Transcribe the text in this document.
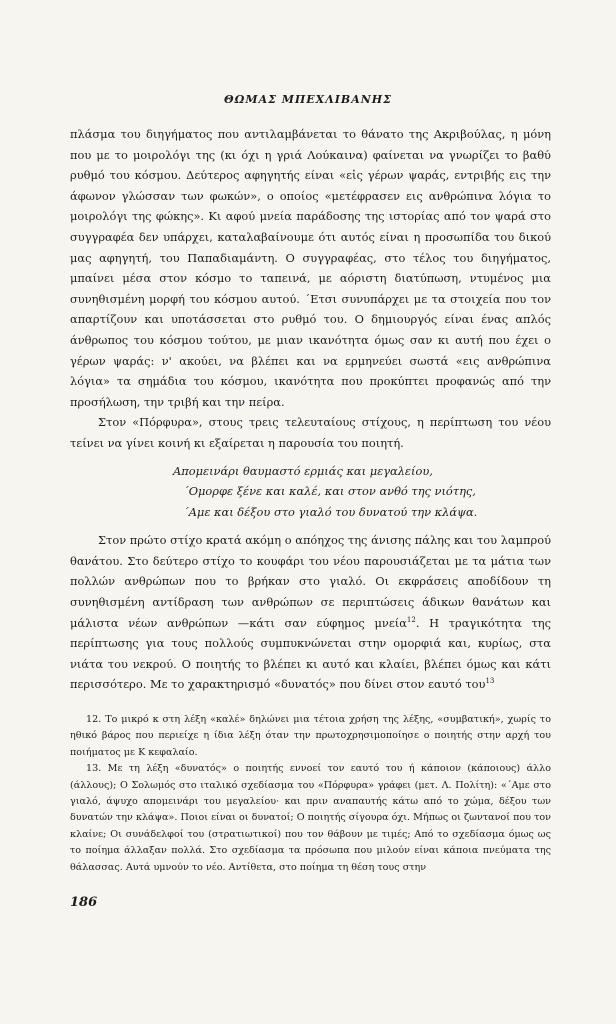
ΘΩΜΑΣ ΜΠΕΧΛΙΒΑΝΗΣ

πλάσμα του διηγήματος που αντιλαμβάνεται το θάνατο της Ακριβούλας, η μόνη που με το μοιρολόγι της (κι όχι η γριά Λούκαινα) φαίνεται να γνωρίζει το βαθύ ρυθμό του κόσμου. Δεύτερος αφηγητής είναι «εἰς γέρων ψαράς, εντριβής εις την άφωνον γλώσσαν των φωκών», ο οποίος «μετέφρασεν εις ανθρώπινα λόγια το μοιρολόγι της φώκης». Κι αφού μνεία παράδοσης της ιστορίας από τον ψαρά στο συγγραφέα δεν υπάρχει, καταλαβαίνουμε ότι αυτός είναι η προσωπίδα του δικού μας αφηγητή, του Παπαδιαμάντη. Ο συγγραφέας, στο τέλος του διηγήματος, μπαίνει μέσα στον κόσμο το ταπεινά, με αόριστη διατύπωση, ντυμένος μια συνηθισμένη μορφή του κόσμου αυτού. ´Ετσι συνυπάρχει με τα στοιχεία που τον απαρτίζουν και υποτάσσεται στο ρυθμό του. Ο δημιουργός είναι ένας απλός άνθρωπος του κόσμου τούτου, με μιαν ικανότητα όμως σαν κι αυτή που έχει ο γέρων ψαράς: ν' ακούει, να βλέπει και να ερμηνεύει σωστά «εις ανθρώπινα λόγια» τα σημάδια του κόσμου, ικανότητα που προκύπτει προφανώς από την προσήλωση, την τριβή και την πείρα.

Στον «Πόρφυρα», στους τρεις τελευταίους στίχους, η περίπτωση του νέου τείνει να γίνει κοινή κι εξαίρεται η παρουσία του ποιητή.

Απομεινάρι θαυμαστό ερμιάς και μεγαλείου,
´Ομορφε ξένε και καλέ, και στον ανθό της νιότης,
´Αμε και δέξου στο γιαλό του δυνατού την κλάψα.

Στον πρώτο στίχο κρατά ακόμη ο απόηχος της άνισης πάλης και του λαμπρού θανάτου. Στο δεύτερο στίχο το κουφάρι του νέου παρουσιάζεται με τα μάτια των πολλών ανθρώπων που το βρήκαν στο γιαλό. Οι εκφράσεις αποδίδουν τη συνηθισμένη αντίδραση των ανθρώπων σε περιπτώσεις άδικων θανάτων και μάλιστα νέων ανθρώπων —κάτι σαν εύφημος μνεία$^{12}$. Η τραγικότητα της περίπτωσης για τους πολλούς συμπυκνώνεται στην ομορφιά και, κυρίως, στα νιάτα του νεκρού. Ο ποιητής το βλέπει κι αυτό και κλαίει, βλέπει όμως και κάτι περισσότερο. Με το χαρακτηρισμό «δυνατός» που δίνει στον εαυτό του$^{13}$

12. Το μικρό κ στη λέξη «καλέ» δηλώνει μια τέτοια χρήση της λέξης, «συμβατική», χωρίς το ηθικό βάρος που περιείχε η ίδια λέξη όταν την πρωτοχρησιμοποίησε ο ποιητής στην αρχή του ποιήματος με Κ κεφαλαίο.

13. Με τη λέξη «δυνατός» ο ποιητής εννοεί τον εαυτό του ή κάποιον (κάποιους) άλλο (άλλους); Ο Σολωμός στο ιταλικό σχεδίασμα του «Πόρφυρα» γράφει (μετ. Λ. Πολίτη): «´Αμε στο γιαλό, άψυχο απομεινάρι του μεγαλείου· και πριν αναπαυτής κάτω από το χώμα, δέξου των δυνατών την κλάψα». Ποιοι είναι οι δυνατοί; Ο ποιητής σίγουρα όχι. Μήπως οι ζωντανοί που τον κλαίνε; Οι συνάδελφοί του (στρατιωτικοί) που τον θάβουν με τιμές; Από το σχεδίασμα όμως ως το ποίημα άλλαξαν πολλά. Στο σχεδίασμα τα πρόσωπα που μιλούν είναι κάποια πνεύματα της θάλασσας. Αυτά υμνούν το νέο. Αντίθετα, στο ποίημα τη θέση τους στην

186
